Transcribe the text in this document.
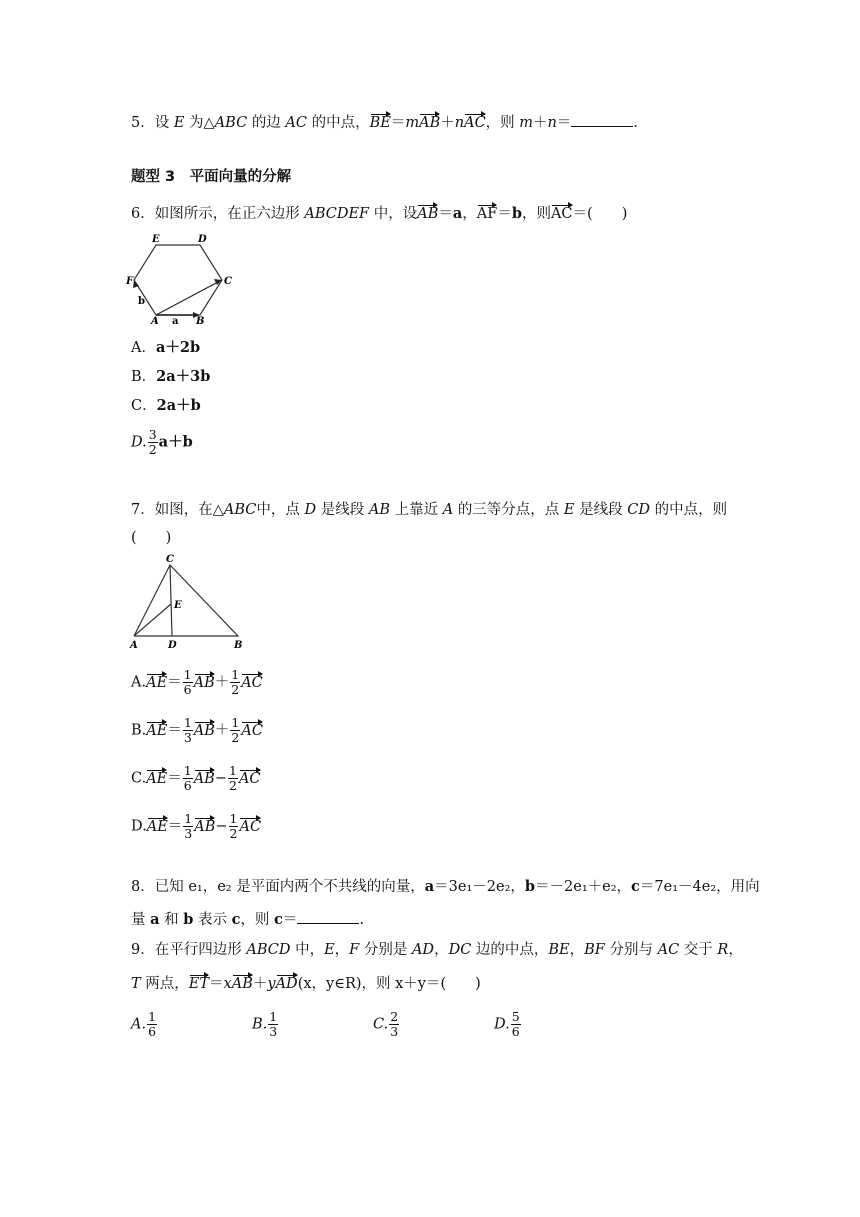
5．设 E 为△ABC 的边 AC 的中点，BE＝mAB＋nAC，则 m＋n＝	.
题型 3　平面向量的分解
6．如图所示，在正六边形 ABCDEF 中，设AB＝a，AF＝b，则AC＝(　　)
E	D
F	C
A	B
a
b
A．a＋2b
B．2a＋3b
C．2a＋b
D. $\frac{3}{2} a+b$
7．如图，在△ABC中，点 D 是线段 AB 上靠近 A 的三等分点，点 E 是线段 CD 的中点，则
(　　)
C
E
A	D	B
$A.AE= \frac{1}{6} AB+ \frac{1}{2}$ AC
$B.AE= \frac{1}{3} AB+ \frac{1}{2}$ AC
$C.AE= \frac{1}{6} AB- \frac{1}{2}$ AC
$D.AE= \frac{1}{3} AB- \frac{1}{2}$ AC
8．已知 e₁，e₂ 是平面内两个不共线的向量，a＝3e₁－2e₂，b＝－2e₁＋e₂，c＝7e₁－4e₂，用向
量 a 和 b 表示 c，则 c＝	.
9．在平行四边形 ABCD 中，E，F 分别是 AD，DC 边的中点，BE，BF 分别与 AC 交于 R，
T 两点，ET＝xAB＋yAD(x，y∈R)，则 x＋y＝(　　)
A. $\frac{1}{6}$	B. $\frac{1}{3}$	C. $\frac{2}{3}$	D. $\frac{5}{6}$
